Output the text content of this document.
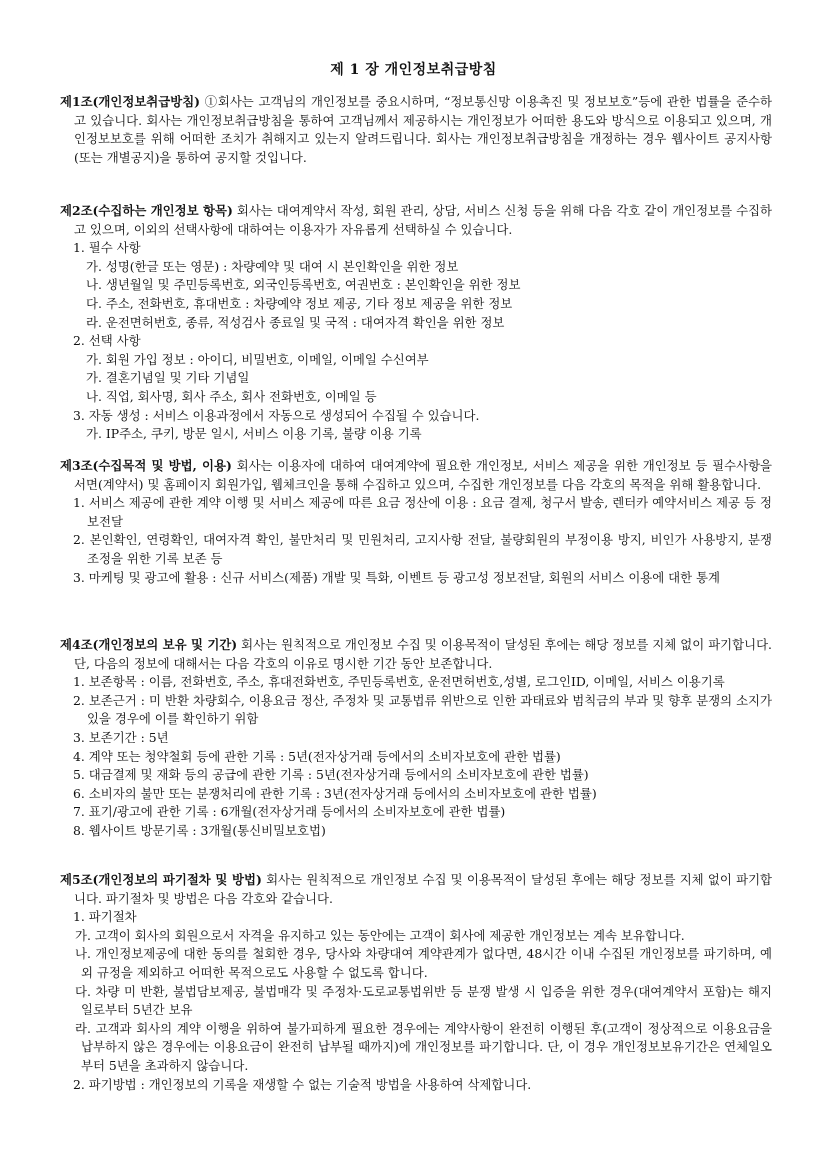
제 1 장 개인정보취급방침

제1조(개인정보취급방침) ①회사는 고객님의 개인정보를 중요시하며, “정보통신망 이용촉진 및 정보보호”등에 관한 법률을 준수하고 있습니다. 회사는 개인정보취급방침을 통하여 고객님께서 제공하시는 개인정보가 어떠한 용도와 방식으로 이용되고 있으며, 개인정보보호를 위해 어떠한 조치가 취해지고 있는지 알려드립니다. 회사는 개인정보취급방침을 개정하는 경우 웹사이트 공지사항(또는 개별공지)을 통하여 공지할 것입니다.

제2조(수집하는 개인정보 항목) 회사는 대여계약서 작성, 회원 관리, 상담, 서비스 신청 등을 위해 다음 각호 같이 개인정보를 수집하고 있으며, 이외의 선택사항에 대하여는 이용자가 자유롭게 선택하실 수 있습니다.

1. 필수 사항

가. 성명(한글 또는 영문) : 차량예약 및 대여 시 본인확인을 위한 정보

나. 생년월일 및 주민등록번호, 외국인등록번호, 여권번호 : 본인확인을 위한 정보

다. 주소, 전화번호, 휴대번호 : 차량예약 정보 제공, 기타 정보 제공을 위한 정보

라. 운전면허번호, 종류, 적성검사 종료일 및 국적 : 대여자격 확인을 위한 정보

2. 선택 사항

가. 회원 가입 정보 : 아이디, 비밀번호, 이메일, 이메일 수신여부

가. 결혼기념일 및 기타 기념일

나. 직업, 회사명, 회사 주소, 회사 전화번호, 이메일 등

3. 자동 생성 : 서비스 이용과정에서 자동으로 생성되어 수집될 수 있습니다.

가. IP주소, 쿠키, 방문 일시, 서비스 이용 기록, 불량 이용 기록

제3조(수집목적 및 방법, 이용) 회사는 이용자에 대하여 대여계약에 필요한 개인정보, 서비스 제공을 위한 개인정보 등 필수사항을 서면(계약서) 및 홈페이지 회원가입, 웹체크인을 통해 수집하고 있으며, 수집한 개인정보를 다음 각호의 목적을 위해 활용합니다.

1. 서비스 제공에 관한 계약 이행 및 서비스 제공에 따른 요금 정산에 이용 : 요금 결제, 청구서 발송, 렌터카 예약서비스 제공 등 정보전달

2. 본인확인, 연령확인, 대여자격 확인, 불만처리 및 민원처리, 고지사항 전달, 불량회원의 부정이용 방지, 비인가 사용방지, 분쟁 조정을 위한 기록 보존 등

3. 마케팅 및 광고에 활용 : 신규 서비스(제품) 개발 및 특화, 이벤트 등 광고성 정보전달, 회원의 서비스 이용에 대한 통계

제4조(개인정보의 보유 및 기간) 회사는 원칙적으로 개인정보 수집 및 이용목적이 달성된 후에는 해당 정보를 지체 없이 파기합니다. 단, 다음의 정보에 대해서는 다음 각호의 이유로 명시한 기간 동안 보존합니다.

1. 보존항목 : 이름, 전화번호, 주소, 휴대전화번호, 주민등록번호, 운전면허번호,성별, 로그인ID, 이메일, 서비스 이용기록

2. 보존근거 : 미 반환 차량회수, 이용요금 정산, 주정차 및 교통법류 위반으로 인한 과태료와 범칙금의 부과 및 향후 분쟁의 소지가 있을 경우에 이를 확인하기 위함

3. 보존기간 : 5년

4. 계약 또는 청약철회 등에 관한 기록 : 5년(전자상거래 등에서의 소비자보호에 관한 법률)

5. 대금결제 및 재화 등의 공급에 관한 기록 : 5년(전자상거래 등에서의 소비자보호에 관한 법률)

6. 소비자의 불만 또는 분쟁처리에 관한 기록 : 3년(전자상거래 등에서의 소비자보호에 관한 법률)

7. 표기/광고에 관한 기록 : 6개월(전자상거래 등에서의 소비자보호에 관한 법률)

8. 웹사이트 방문기록 : 3개월(통신비밀보호법)

제5조(개인정보의 파기절차 및 방법) 회사는 원칙적으로 개인정보 수집 및 이용목적이 달성된 후에는 해당 정보를 지체 없이 파기합니다. 파기절차 및 방법은 다음 각호와 같습니다.

1. 파기절차

가. 고객이 회사의 회원으로서 자격을 유지하고 있는 동안에는 고객이 회사에 제공한 개인정보는 계속 보유합니다.

나. 개인정보제공에 대한 동의를 철회한 경우, 당사와 차량대여 계약관계가 없다면, 48시간 이내 수집된 개인정보를 파기하며, 예외 규정을 제외하고 어떠한 목적으로도 사용할 수 없도록 합니다.

다. 차량 미 반환, 불법담보제공, 불법매각 및 주정차·도로교통법위반 등 분쟁 발생 시 입증을 위한 경우(대여계약서 포함)는 해지일로부터 5년간 보유

라. 고객과 회사의 계약 이행을 위하여 불가피하게 필요한 경우에는 계약사항이 완전히 이행된 후(고객이 정상적으로 이용요금을 납부하지 않은 경우에는 이용요금이 완전히 납부될 때까지)에 개인정보를 파기합니다. 단, 이 경우 개인정보보유기간은 연체일오부터 5년을 초과하지 않습니다.

2. 파기방법 : 개인정보의 기록을 재생할 수 없는 기술적 방법을 사용하여 삭제합니다.
